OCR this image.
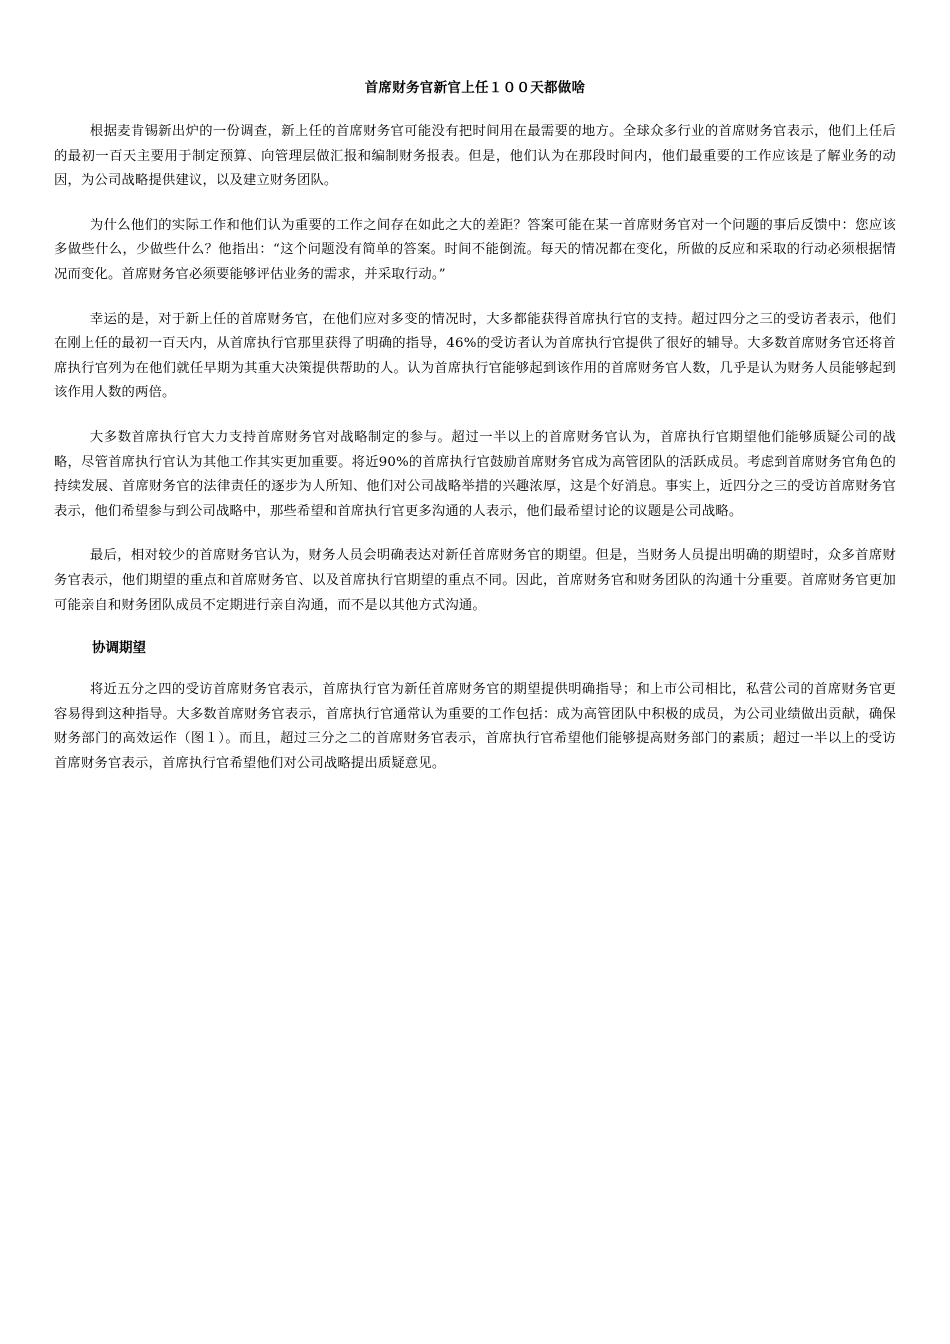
首席财务官新官上任１００天都做啥

根据麦肯锡新出炉的一份调查，新上任的首席财务官可能没有把时间用在最需要的地方。全球众多行业的首席财务官表示，他们上任后的最初一百天主要用于制定预算、向管理层做汇报和编制财务报表。但是，他们认为在那段时间内，他们最重要的工作应该是了解业务的动因，为公司战略提供建议，以及建立财务团队。

为什么他们的实际工作和他们认为重要的工作之间存在如此之大的差距？答案可能在某一首席财务官对一个问题的事后反馈中：您应该多做些什么，少做些什么？他指出：“这个问题没有简单的答案。时间不能倒流。每天的情况都在变化，所做的反应和采取的行动必须根据情况而变化。首席财务官必须要能够评估业务的需求，并采取行动。”

幸运的是，对于新上任的首席财务官，在他们应对多变的情况时，大多都能获得首席执行官的支持。超过四分之三的受访者表示，他们在刚上任的最初一百天内，从首席执行官那里获得了明确的指导，46%的受访者认为首席执行官提供了很好的辅导。大多数首席财务官还将首席执行官列为在他们就任早期为其重大决策提供帮助的人。认为首席执行官能够起到该作用的首席财务官人数，几乎是认为财务人员能够起到该作用人数的两倍。

大多数首席执行官大力支持首席财务官对战略制定的参与。超过一半以上的首席财务官认为，首席执行官期望他们能够质疑公司的战略，尽管首席执行官认为其他工作其实更加重要。将近90%的首席执行官鼓励首席财务官成为高管团队的活跃成员。考虑到首席财务官角色的持续发展、首席财务官的法律责任的逐步为人所知、他们对公司战略举措的兴趣浓厚，这是个好消息。事实上，近四分之三的受访首席财务官表示，他们希望参与到公司战略中，那些希望和首席执行官更多沟通的人表示，他们最希望讨论的议题是公司战略。

最后，相对较少的首席财务官认为，财务人员会明确表达对新任首席财务官的期望。但是，当财务人员提出明确的期望时，众多首席财务官表示，他们期望的重点和首席财务官、以及首席执行官期望的重点不同。因此，首席财务官和财务团队的沟通十分重要。首席财务官更加可能亲自和财务团队成员不定期进行亲自沟通，而不是以其他方式沟通。

协调期望

将近五分之四的受访首席财务官表示，首席执行官为新任首席财务官的期望提供明确指导；和上市公司相比，私营公司的首席财务官更容易得到这种指导。大多数首席财务官表示，首席执行官通常认为重要的工作包括：成为高管团队中积极的成员，为公司业绩做出贡献，确保财务部门的高效运作（图１）。而且，超过三分之二的首席财务官表示，首席执行官希望他们能够提高财务部门的素质；超过一半以上的受访首席财务官表示，首席执行官希望他们对公司战略提出质疑意见。
